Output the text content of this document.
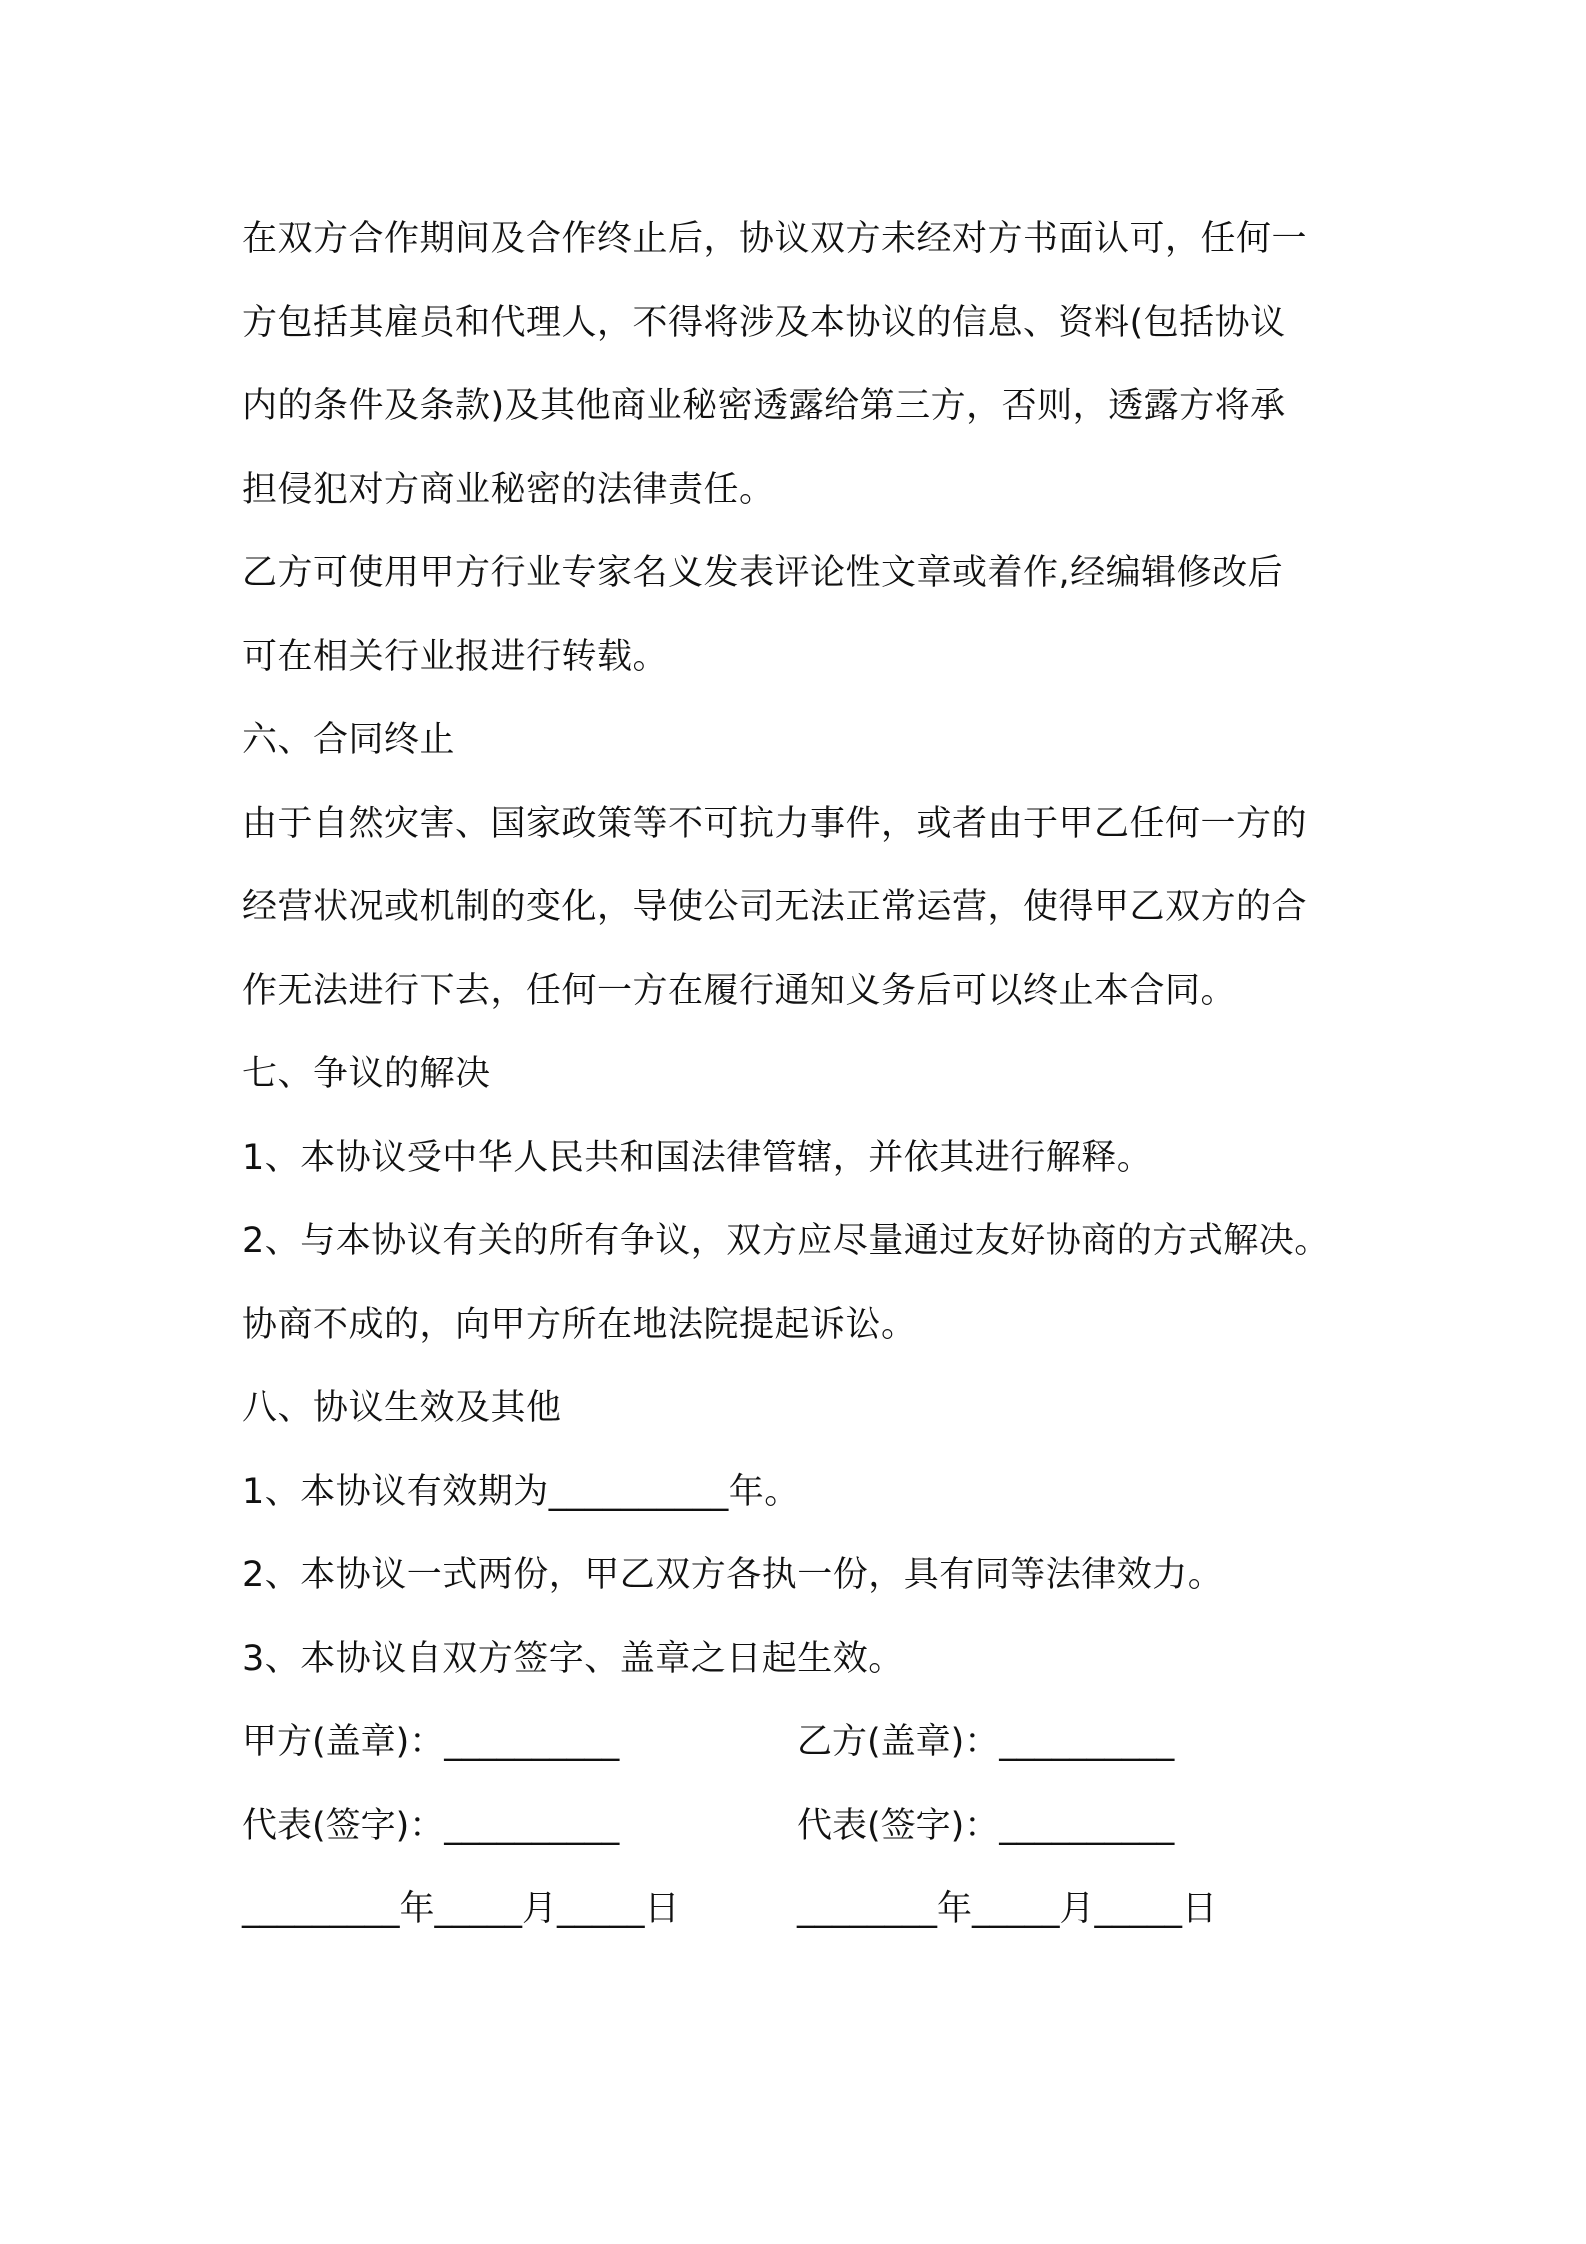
在双方合作期间及合作终止后，协议双方未经对方书面认可，任何一
方包括其雇员和代理人，不得将涉及本协议的信息、资料(包括协议
内的条件及条款)及其他商业秘密透露给第三方，否则，透露方将承
担侵犯对方商业秘密的法律责任。
乙方可使用甲方行业专家名义发表评论性文章或着作,经编辑修改后
可在相关行业报进行转载。
六、合同终止
由于自然灾害、国家政策等不可抗力事件，或者由于甲乙任何一方的
经营状况或机制的变化，导使公司无法正常运营，使得甲乙双方的合
作无法进行下去，任何一方在履行通知义务后可以终止本合同。
七、争议的解决
1、本协议受中华人民共和国法律管辖，并依其进行解释。
2、与本协议有关的所有争议，双方应尽量通过友好协商的方式解决。
协商不成的，向甲方所在地法院提起诉讼。
八、协议生效及其他
1、本协议有效期为__________年。
2、本协议一式两份，甲乙双方各执一份，具有同等法律效力。
3、本协议自双方签字、盖章之日起生效。
甲方(盖章)：__________	乙方(盖章)：__________
代表(签字)：__________	代表(签字)：__________
_________年_____月_____日	________年_____月_____日
